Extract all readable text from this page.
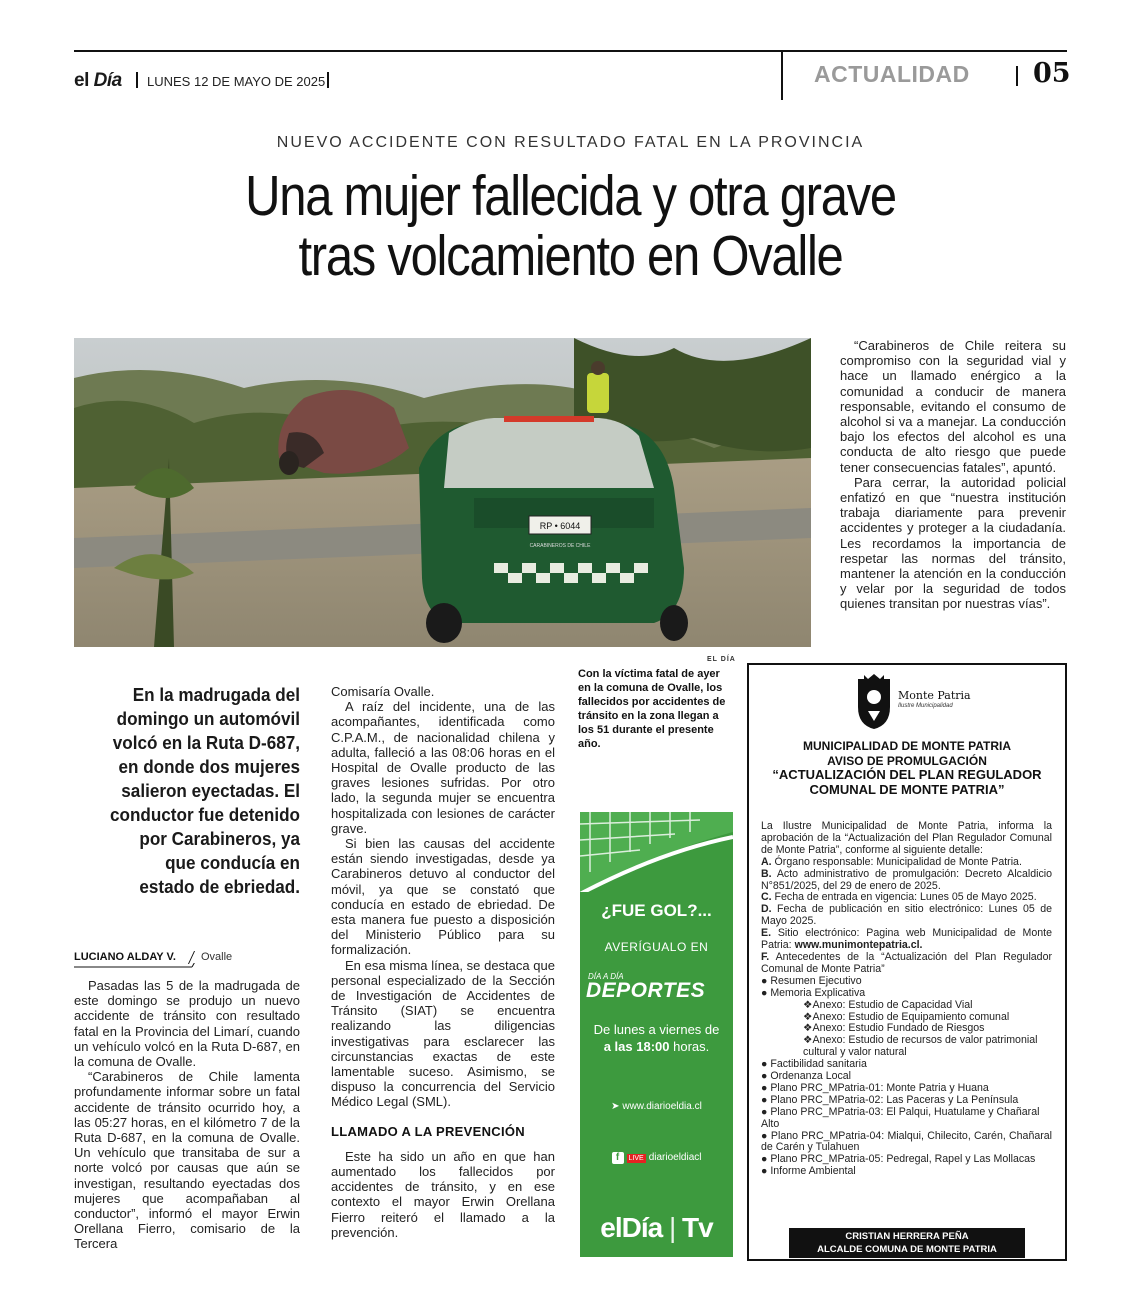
el Día LUNES 12 DE MAYO DE 2025	ACTUALIDAD 05
NUEVO ACCIDENTE CON RESULTADO FATAL EN LA PROVINCIA
Una mujer fallecida y otra grave
tras volcamiento en Ovalle
RP • 6044
CARABINEROS DE CHILE
EL DÍA

“Carabineros de Chile reitera su compromiso con la seguridad vial y hace un llamado enérgico a la comunidad a conducir de manera responsable, evitando el consumo de alcohol si va a manejar. La conducción bajo los efectos del alcohol es una conducta de alto riesgo que puede tener consecuencias fatales”, apuntó.

Para cerrar, la autoridad policial enfatizó en que “nuestra institución trabaja diariamente para prevenir accidentes y proteger a la ciudadanía. Les recordamos la importancia de respetar las normas del tránsito, mantener la atención en la conducción y velar por la seguridad de todos quienes transitan por nuestras vías”.

En la madrugada del domingo un automóvil volcó en la Ruta D-687, en donde dos mujeres salieron eyectadas. El conductor fue detenido por Carabineros, ya que conducía en estado de ebriedad.
LUCIANO ALDAY V. Ovalle

Pasadas las 5 de la madrugada de este domingo se produjo un nuevo accidente de tránsito con resultado fatal en la Provincia del Limarí, cuando un vehículo volcó en la Ruta D-687, en la comuna de Ovalle.

“Carabineros de Chile lamenta profundamente informar sobre un fatal accidente de tránsito ocurrido hoy, a las 05:27 horas, en el kilómetro 7 de la Ruta D-687, en la comuna de Ovalle. Un vehículo que transitaba de sur a norte volcó por causas que aún se investigan, resultando eyectadas dos mujeres que acompañaban al conductor”, informó el mayor Erwin Orellana Fierro, comisario de la Tercera

Comisaría Ovalle.

A raíz del incidente, una de las acompañantes, identificada como C.P.A.M., de nacionalidad chilena y adulta, falleció a las 08:06 horas en el Hospital de Ovalle producto de las graves lesiones sufridas. Por otro lado, la segunda mujer se encuentra hospitalizada con lesiones de carácter grave.

Si bien las causas del accidente están siendo investigadas, desde ya Carabineros detuvo al conductor del móvil, ya que se constató que conducía en estado de ebriedad. De esta manera fue puesto a disposición del Ministerio Público para su formalización.

En esa misma línea, se destaca que personal especializado de la Sección de Investigación de Accidentes de Tránsito (SIAT) se encuentra realizando las diligencias investigativas para esclarecer las circunstancias exactas de este lamentable suceso. Asimismo, se dispuso la concurrencia del Servicio Médico Legal (SML).

LLAMADO A LA PREVENCIÓN

Este ha sido un año en que han aumentado los fallecidos por accidentes de tránsito, y en ese contexto el mayor Erwin Orellana Fierro reiteró el llamado a la prevención.

Con la víctima fatal de ayer en la comuna de Ovalle, los fallecidos por accidentes de tránsito en la zona llegan a los 51 durante el presente año.
¿FUE GOL?...
AVERÍGUALO EN
DÍA A DÍA
DEPORTES
De lunes a viernes de
a las 18:00 horas.
➤ www.diarioeldia.cl
f LIVE diarioeldiacl
elDía | Tv
Monte Patria
Ilustre Municipalidad
MUNICIPALIDAD DE MONTE PATRIA
AVISO DE PROMULGACIÓN
“ACTUALIZACIÓN DEL PLAN REGULADOR
COMUNAL DE MONTE PATRIA”
La Ilustre Municipalidad de Monte Patria, informa la aprobación de la “Actualización del Plan Regulador Comunal de Monte Patria”, conforme al siguiente detalle:
A. Órgano responsable: Municipalidad de Monte Patria.
B. Acto administrativo de promulgación: Decreto Alcaldicio N°851/2025, del 29 de enero de 2025.
C. Fecha de entrada en vigencia: Lunes 05 de Mayo 2025.
D. Fecha de publicación en sitio electrónico: Lunes 05 de Mayo 2025.
E. Sitio electrónico: Pagina web Municipalidad de Monte Patria: www.munimontepatria.cl.
F. Antecedentes de la “Actualización del Plan Regulador Comunal de Monte Patria”
● Resumen Ejecutivo
● Memoria Explicativa
❖Anexo: Estudio de Capacidad Vial
❖Anexo: Estudio de Equipamiento comunal
❖Anexo: Estudio Fundado de Riesgos
❖Anexo: Estudio de recursos de valor patrimonial cultural y valor natural
● Factibilidad sanitaria
● Ordenanza Local
● Plano PRC_MPatria-01: Monte Patria y Huana
● Plano PRC_MPatria-02: Las Paceras y La Península
● Plano PRC_MPatria-03: El Palqui, Huatulame y Chañaral Alto
● Plano PRC_MPatria-04: Mialqui, Chilecito, Carén, Chañaral de Carén y Tulahuen
● Plano PRC_MPatria-05: Pedregal, Rapel y Las Mollacas
● Informe Ambiental
CRISTIAN HERRERA PEÑA
ALCALDE COMUNA DE MONTE PATRIA
